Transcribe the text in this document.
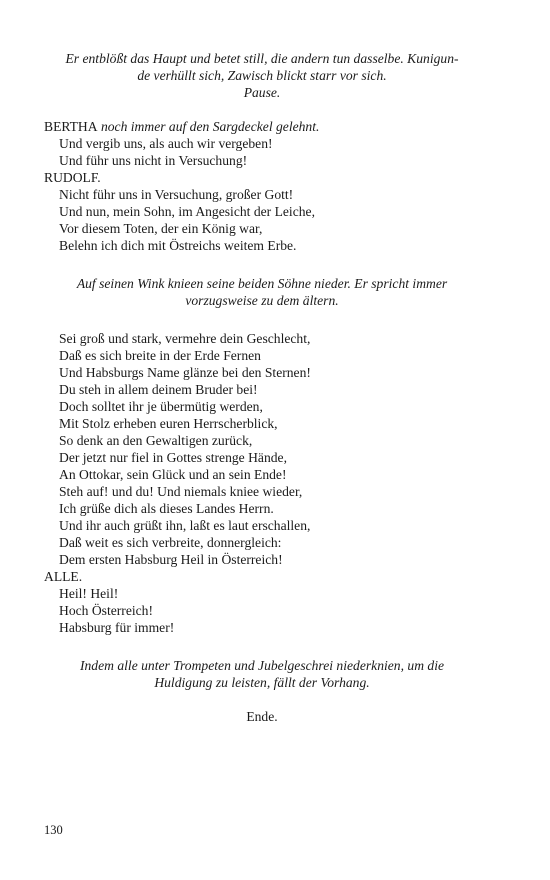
Er entblößt das Haupt und betet still, die andern tun dasselbe. Kunigun-
de verhüllt sich, Zawisch blickt starr vor sich.
Pause.
BERTHA noch immer auf den Sargdeckel gelehnt.
Und vergib uns, als auch wir vergeben!
Und führ uns nicht in Versuchung!
RUDOLF.
Nicht führ uns in Versuchung, großer Gott!
Und nun, mein Sohn, im Angesicht der Leiche,
Vor diesem Toten, der ein König war,
Belehn ich dich mit Östreichs weitem Erbe.
Auf seinen Wink knieen seine beiden Söhne nieder. Er spricht immer
vorzugsweise zu dem ältern.
Sei groß und stark, vermehre dein Geschlecht,
Daß es sich breite in der Erde Fernen
Und Habsburgs Name glänze bei den Sternen!
Du steh in allem deinem Bruder bei!
Doch solltet ihr je übermütig werden,
Mit Stolz erheben euren Herrscherblick,
So denk an den Gewaltigen zurück,
Der jetzt nur fiel in Gottes strenge Hände,
An Ottokar, sein Glück und an sein Ende!
Steh auf! und du! Und niemals kniee wieder,
Ich grüße dich als dieses Landes Herrn.
Und ihr auch grüßt ihn, laßt es laut erschallen,
Daß weit es sich verbreite, donnergleich:
Dem ersten Habsburg Heil in Österreich!
ALLE.
Heil! Heil!
Hoch Österreich!
Habsburg für immer!
Indem alle unter Trompeten und Jubelgeschrei niederknien, um die
Huldigung zu leisten, fällt der Vorhang.
Ende.
130
